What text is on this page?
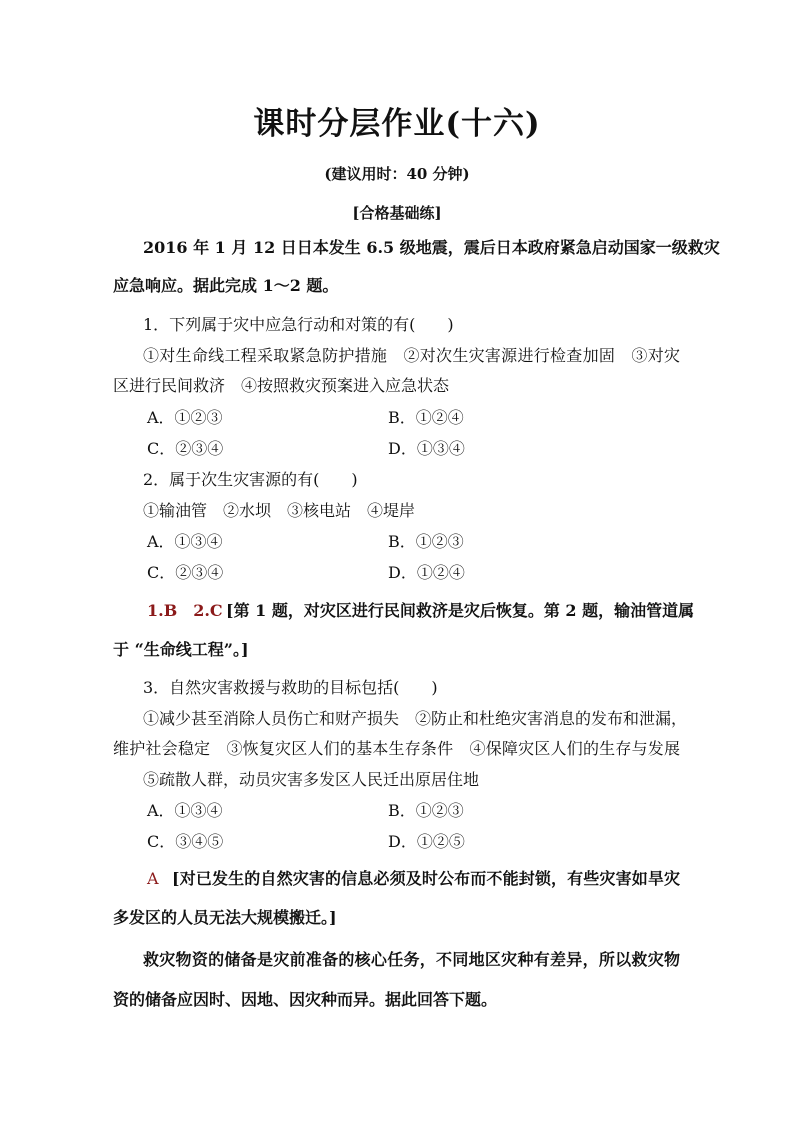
课时分层作业(十六)
(建议用时：40 分钟)
[合格基础练]
2016 年 1 月 12 日日本发生 6.5 级地震，震后日本政府紧急启动国家一级救灾
应急响应。据此完成 1～2 题。
1．下列属于灾中应急行动和对策的有(　　)
①对生命线工程采取紧急防护措施　②对次生灾害源进行检查加固　③对灾
区进行民间救济　④按照救灾预案进入应急状态
A．①②③	B．①②④
C．②③④	D．①③④
2．属于次生灾害源的有(　　)
①输油管　②水坝　③核电站　④堤岸
A．①③④	B．①②③
C．②③④	D．①②④
1.B　2.C [第 1 题，对灾区进行民间救济是灾后恢复。第 2 题，输油管道属
于 “生命线工程”。]
3．自然灾害救援与救助的目标包括(　　)
①减少甚至消除人员伤亡和财产损失　②防止和杜绝灾害消息的发布和泄漏，
维护社会稳定　③恢复灾区人们的基本生存条件　④保障灾区人们的生存与发展
⑤疏散人群，动员灾害多发区人民迁出原居住地
A．①③④	B．①②③
C．③④⑤	D．①②⑤
A [对已发生的自然灾害的信息必须及时公布而不能封锁，有些灾害如旱灾
多发区的人员无法大规模搬迁。]
救灾物资的储备是灾前准备的核心任务，不同地区灾种有差异，所以救灾物
资的储备应因时、因地、因灾种而异。据此回答下题。
